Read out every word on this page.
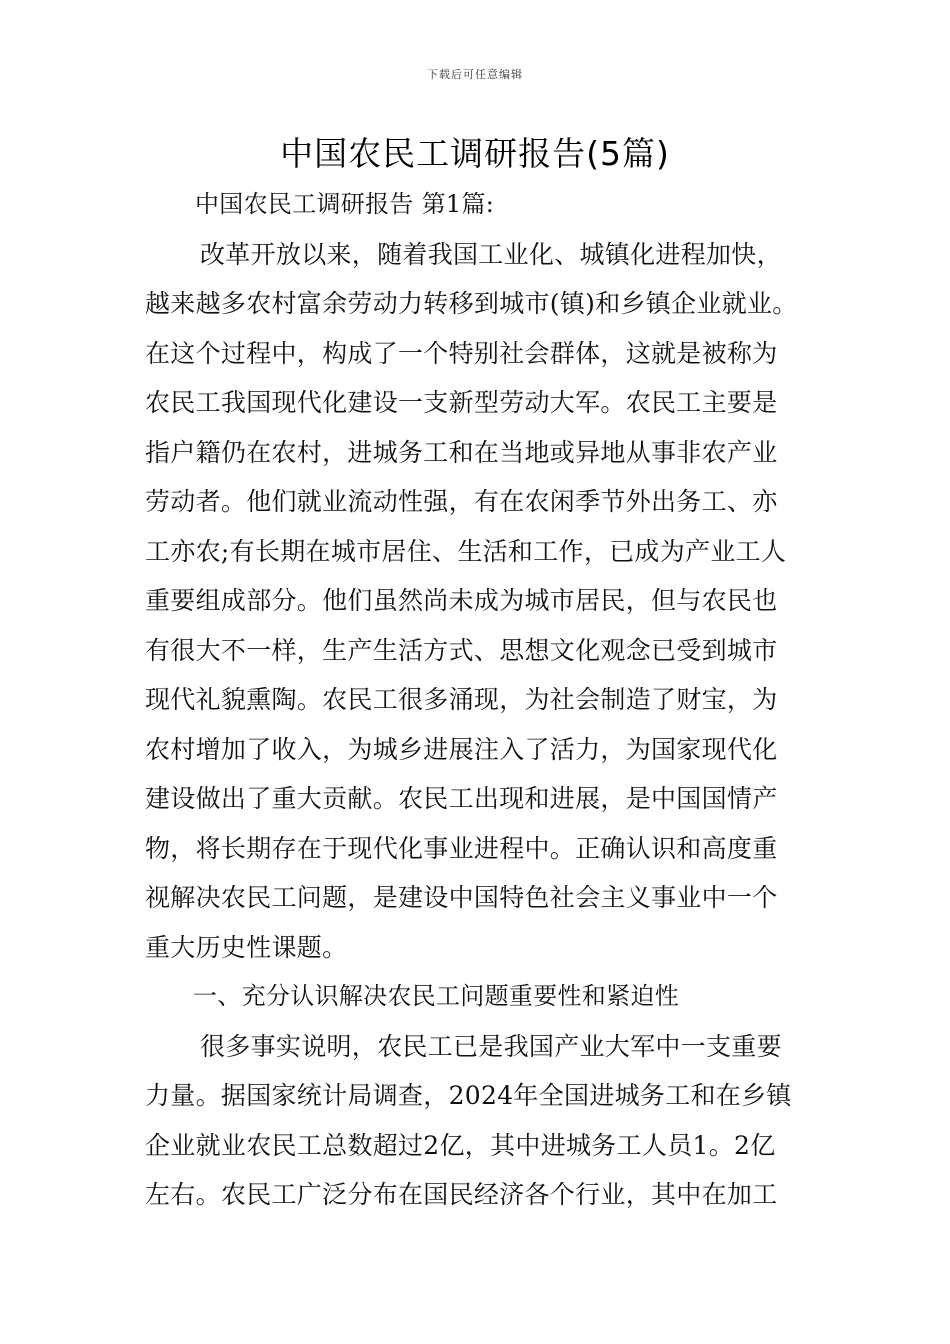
下载后可任意编辑
中国农民工调研报告(5篇)
中国农民工调研报告 第1篇:
改革开放以来，随着我国工业化、城镇化进程加快，
越来越多农村富余劳动力转移到城市(镇)和乡镇企业就业。
在这个过程中，构成了一个特别社会群体，这就是被称为
农民工我国现代化建设一支新型劳动大军。农民工主要是
指户籍仍在农村，进城务工和在当地或异地从事非农产业
劳动者。他们就业流动性强，有在农闲季节外出务工、亦
工亦农;有长期在城市居住、生活和工作，已成为产业工人
重要组成部分。他们虽然尚未成为城市居民，但与农民也
有很大不一样，生产生活方式、思想文化观念已受到城市
现代礼貌熏陶。农民工很多涌现，为社会制造了财宝，为
农村增加了收入，为城乡进展注入了活力，为国家现代化
建设做出了重大贡献。农民工出现和进展，是中国国情产
物，将长期存在于现代化事业进程中。正确认识和高度重
视解决农民工问题，是建设中国特色社会主义事业中一个
重大历史性课题。
一、充分认识解决农民工问题重要性和紧迫性
很多事实说明，农民工已是我国产业大军中一支重要
力量。据国家统计局调查，2024年全国进城务工和在乡镇
企业就业农民工总数超过2亿，其中进城务工人员1。2亿
左右。农民工广泛分布在国民经济各个行业，其中在加工
